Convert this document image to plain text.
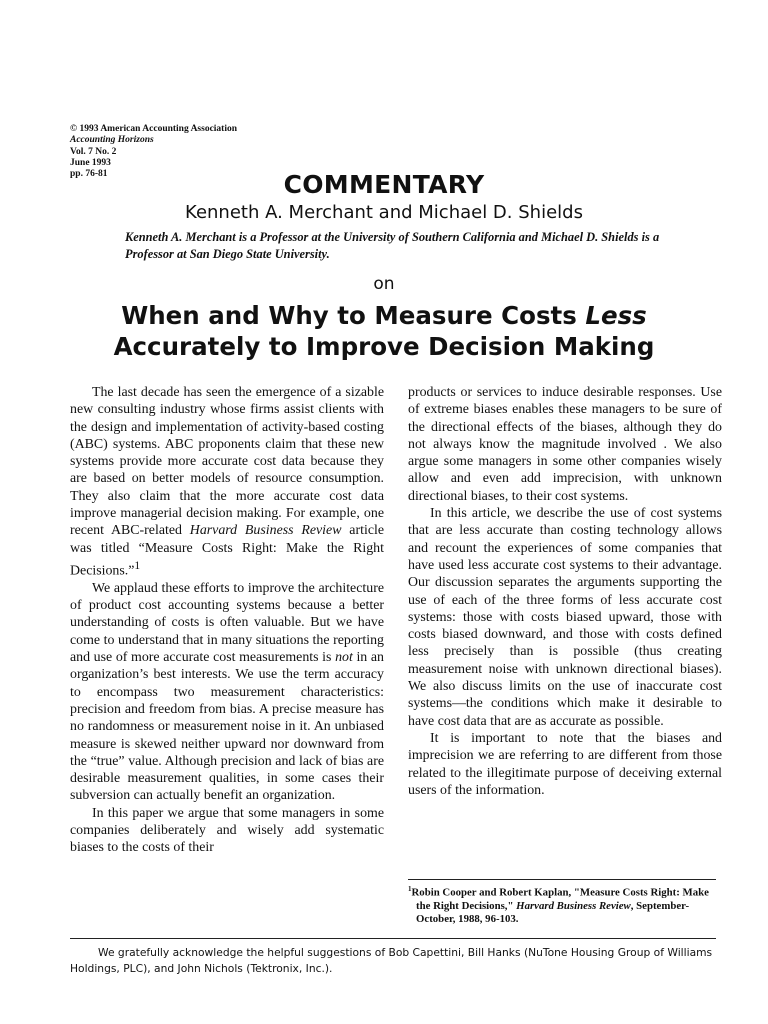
© 1993 American Accounting Association
Accounting Horizons
Vol. 7 No. 2
June 1993
pp. 76-81	COMMENTARY
Kenneth A. Merchant and Michael D. Shields
Kenneth A. Merchant is a Professor at the University of Southern California and Michael D. Shields is a Professor at San Diego State University.
on
When and Why to Measure Costs Less
Accurately to Improve Decision Making

The last decade has seen the emergence of a sizable new consulting industry whose firms assist clients with the design and implementation of activity-based costing (ABC) systems. ABC proponents claim that these new systems provide more accurate cost data because they are based on better models of resource consumption. They also claim that the more accurate cost data improve managerial decision making. For example, one recent ABC-related Harvard Business Review article was titled “Measure Costs Right: Make the Right Decisions.”$^1$

We applaud these efforts to improve the architecture of product cost accounting systems because a better understanding of costs is often valuable. But we have come to understand that in many situations the reporting and use of more accurate cost measurements is not in an organization’s best interests. We use the term accuracy to encompass two measurement characteristics: precision and freedom from bias. A precise measure has no randomness or measurement noise in it. An unbiased measure is skewed neither upward nor downward from the “true” value. Although precision and lack of bias are desirable measurement qualities, in some cases their subversion can actually benefit an organization.

In this paper we argue that some managers in some companies deliberately and wisely add systematic biases to the costs of their

products or services to induce desirable responses. Use of extreme biases enables these managers to be sure of the directional effects of the biases, although they do not always know the magnitude involved . We also argue some managers in some other companies wisely allow and even add imprecision, with unknown directional biases, to their cost systems.

In this article, we describe the use of cost systems that are less accurate than costing technology allows and recount the experiences of some companies that have used less accurate cost systems to their advantage. Our discussion separates the arguments supporting the use of each of the three forms of less accurate cost systems: those with costs biased upward, those with costs biased downward, and those with costs defined less precisely than is possible (thus creating measurement noise with unknown directional biases). We also discuss limits on the use of inaccurate cost systems—the conditions which make it desirable to have cost data that are as accurate as possible.

It is important to note that the biases and imprecision we are referring to are different from those related to the illegitimate purpose of deceiving external users of the information.

$^1$Robin Cooper and Robert Kaplan, "Measure Costs Right: Make the Right Decisions," Harvard Business Review, September-October, 1988, 96-103.
We gratefully acknowledge the helpful suggestions of Bob Capettini, Bill Hanks (NuTone Housing Group of Williams Holdings, PLC), and John Nichols (Tektronix, Inc.).
